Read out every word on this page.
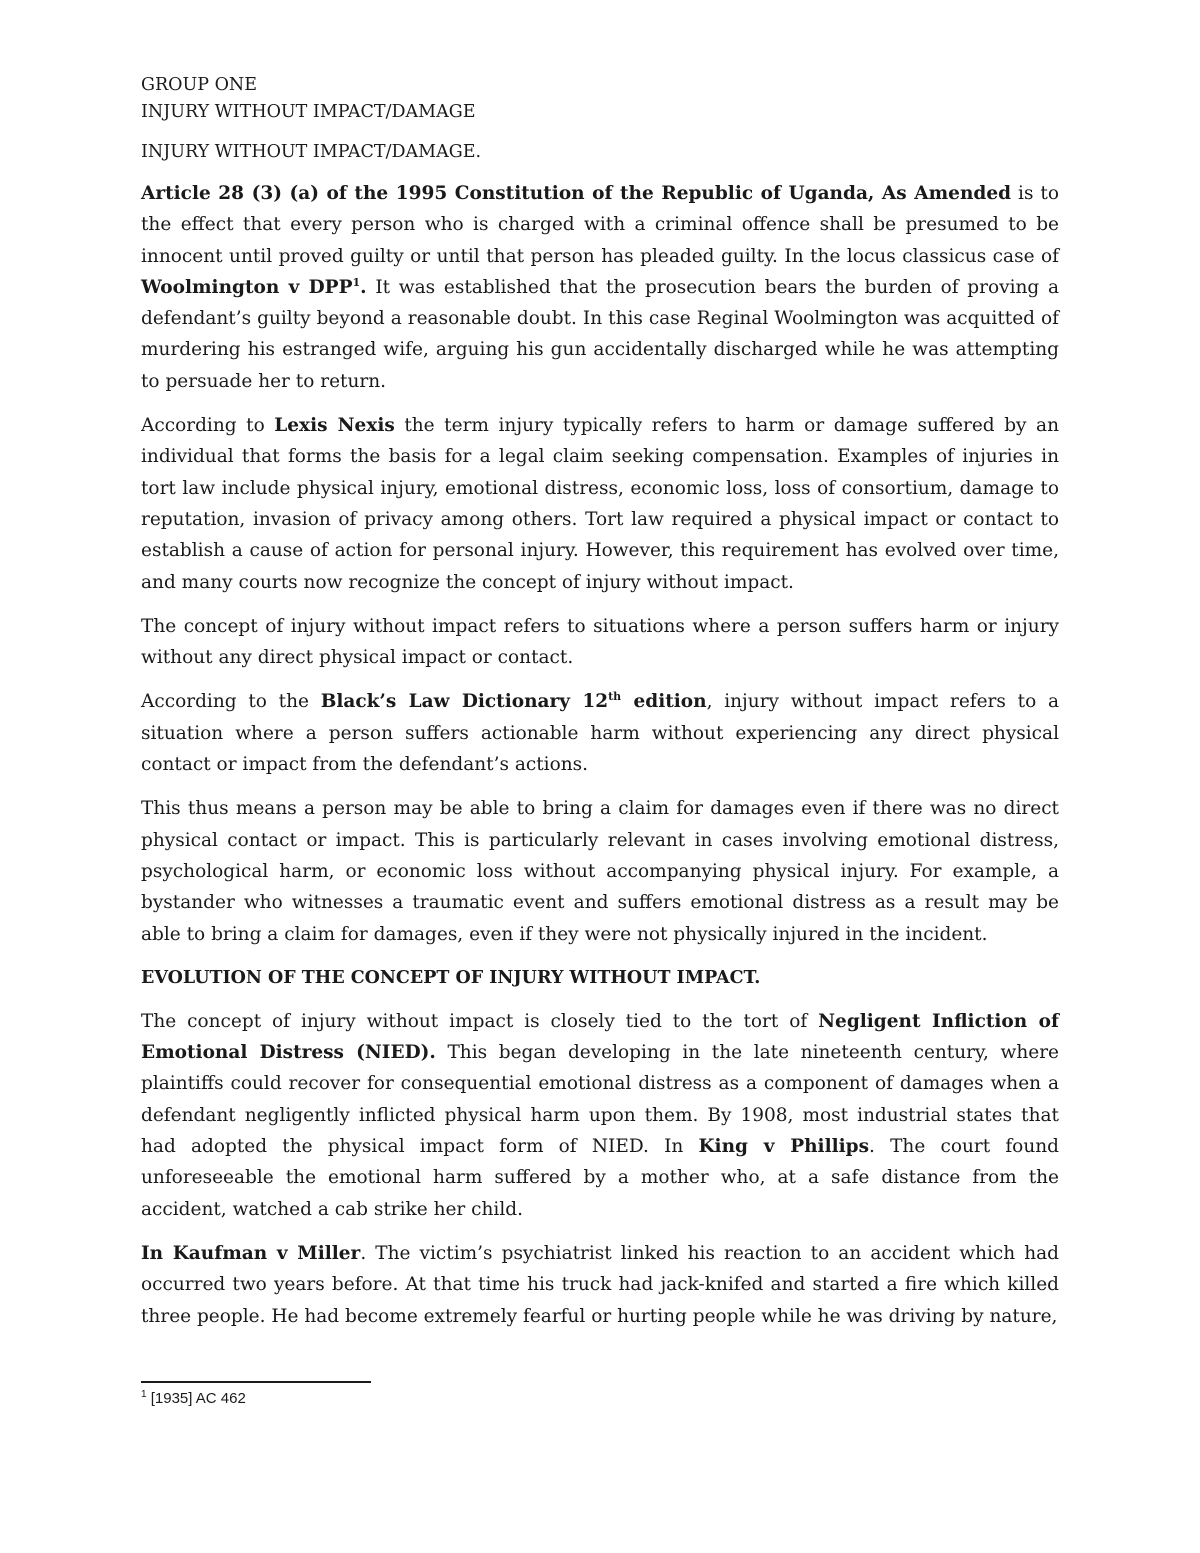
GROUP ONE
INJURY WITHOUT IMPACT/DAMAGE
INJURY WITHOUT IMPACT/DAMAGE.

Article 28 (3) (a) of the 1995 Constitution of the Republic of Uganda, As Amended is to the effect that every person who is charged with a criminal offence shall be presumed to be innocent until proved guilty or until that person has pleaded guilty. In the locus classicus case of Woolmington v DPP$^1$. It was established that the prosecution bears the burden of proving a defendant’s guilty beyond a reasonable doubt. In this case Reginal Woolmington was acquitted of murdering his estranged wife, arguing his gun accidentally discharged while he was attempting to persuade her to return.

According to Lexis Nexis the term injury typically refers to harm or damage suffered by an individual that forms the basis for a legal claim seeking compensation. Examples of injuries in tort law include physical injury, emotional distress, economic loss, loss of consortium, damage to reputation, invasion of privacy among others. Tort law required a physical impact or contact to establish a cause of action for personal injury. However, this requirement has evolved over time, and many courts now recognize the concept of injury without impact.

The concept of injury without impact refers to situations where a person suffers harm or injury without any direct physical impact or contact.

According to the Black’s Law Dictionary 12th edition, injury without impact refers to a situation where a person suffers actionable harm without experiencing any direct physical contact or impact from the defendant’s actions.

This thus means a person may be able to bring a claim for damages even if there was no direct physical contact or impact. This is particularly relevant in cases involving emotional distress, psychological harm, or economic loss without accompanying physical injury. For example, a bystander who witnesses a traumatic event and suffers emotional distress as a result may be able to bring a claim for damages, even if they were not physically injured in the incident.

EVOLUTION OF THE CONCEPT OF INJURY WITHOUT IMPACT.

The concept of injury without impact is closely tied to the tort of Negligent Infliction of Emotional Distress (NIED). This began developing in the late nineteenth century, where plaintiffs could recover for consequential emotional distress as a component of damages when a defendant negligently inflicted physical harm upon them. By 1908, most industrial states that had adopted the physical impact form of NIED. In King v Phillips. The court found unforeseeable the emotional harm suffered by a mother who, at a safe distance from the accident, watched a cab strike her child.

In Kaufman v Miller. The victim’s psychiatrist linked his reaction to an accident which had occurred two years before. At that time his truck had jack-knifed and started a fire which killed three people. He had become extremely fearful or hurting people while he was driving by nature,

$^1$ [1935] AC 462
